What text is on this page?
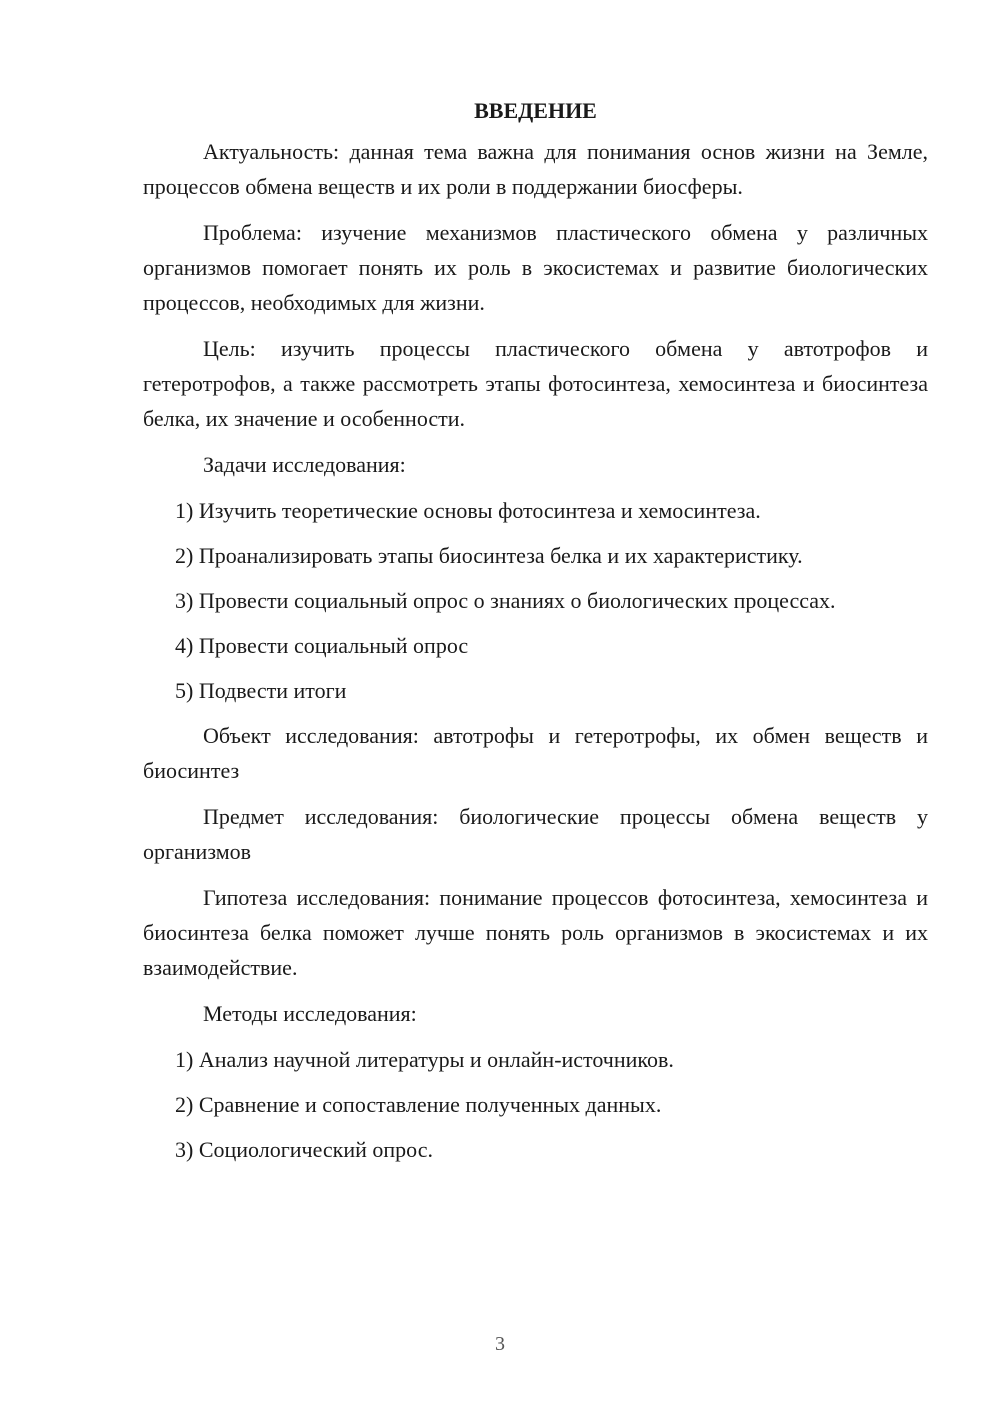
ВВЕДЕНИЕ

Актуальность: данная тема важна для понимания основ жизни на Земле, процессов обмена веществ и их роли в поддержании биосферы.

Проблема: изучение механизмов пластического обмена у различных организмов помогает понять их роль в экосистемах и развитие биологических процессов, необходимых для жизни.

Цель: изучить процессы пластического обмена у автотрофов и гетеротрофов, а также рассмотреть этапы фотосинтеза, хемосинтеза и биосинтеза белка, их значение и особенности.

Задачи исследования:

1) Изучить теоретические основы фотосинтеза и хемосинтеза.

2) Проанализировать этапы биосинтеза белка и их характеристику.

3) Провести социальный опрос о знаниях о биологических процессах.

4) Провести социальный опрос

5) Подвести итоги

Объект исследования: автотрофы и гетеротрофы, их обмен веществ и биосинтез

Предмет исследования: биологические процессы обмена веществ у организмов

Гипотеза исследования: понимание процессов фотосинтеза, хемосинтеза и биосинтеза белка поможет лучше понять роль организмов в экосистемах и их взаимодействие.

Методы исследования:

1) Анализ научной литературы и онлайн-источников.

2) Сравнение и сопоставление полученных данных.

3) Социологический опрос.

3
